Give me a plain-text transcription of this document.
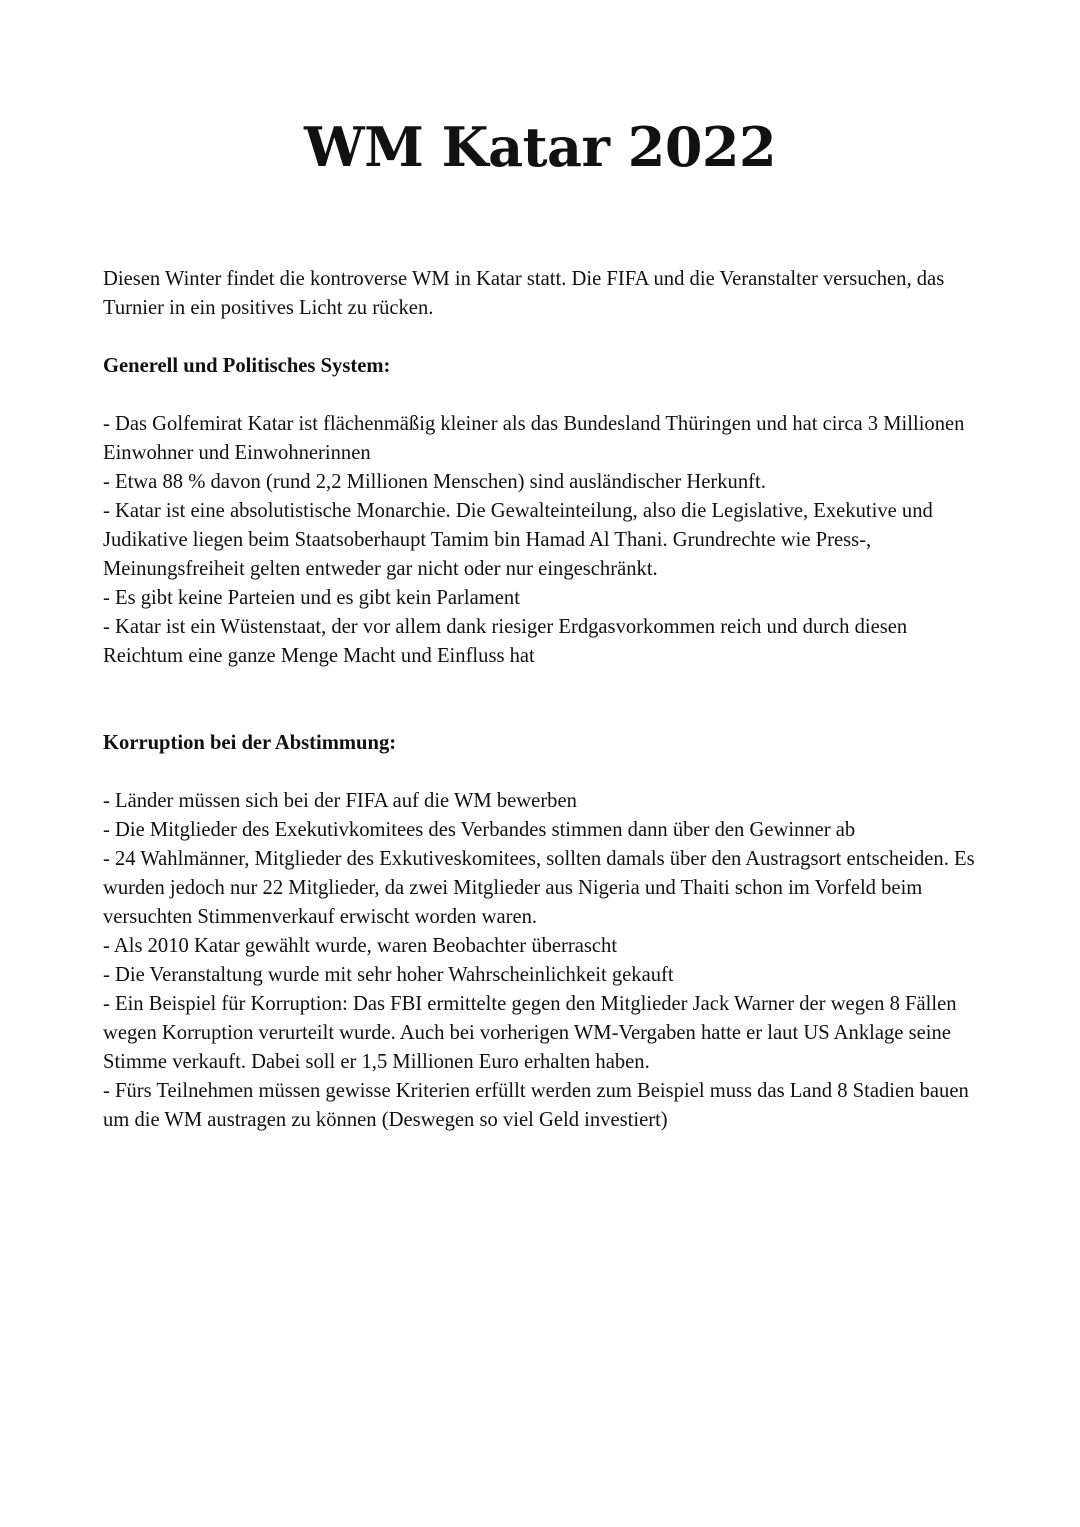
WM Katar 2022

Diesen Winter findet die kontroverse WM in Katar statt. Die FIFA und die Veranstalter versuchen, das Turnier in ein positives Licht zu rücken.

Generell und Politisches System:

- Das Golfemirat Katar ist flächenmäßig kleiner als das Bundesland Thüringen und hat circa 3 Millionen Einwohner und Einwohnerinnen
- Etwa 88 % davon (rund 2,2 Millionen Menschen) sind ausländischer Herkunft.
- Katar ist eine absolutistische Monarchie. Die Gewalteinteilung, also die Legislative, Exekutive und Judikative liegen beim Staatsoberhaupt Tamim bin Hamad Al Thani. Grundrechte wie Press-, Meinungsfreiheit gelten entweder gar nicht oder nur eingeschränkt.
- Es gibt keine Parteien und es gibt kein Parlament
- Katar ist ein Wüstenstaat, der vor allem dank riesiger Erdgasvorkommen reich und durch diesen Reichtum eine ganze Menge Macht und Einfluss hat

Korruption bei der Abstimmung:

- Länder müssen sich bei der FIFA auf die WM bewerben
- Die Mitglieder des Exekutivkomitees des Verbandes stimmen dann über den Gewinner ab
- 24 Wahlmänner, Mitglieder des Exkutiveskomitees, sollten damals über den Austragsort entscheiden. Es wurden jedoch nur 22 Mitglieder, da zwei Mitglieder aus Nigeria und Thaiti schon im Vorfeld beim versuchten Stimmenverkauf erwischt worden waren.
- Als 2010 Katar gewählt wurde, waren Beobachter überrascht
- Die Veranstaltung wurde mit sehr hoher Wahrscheinlichkeit gekauft
- Ein Beispiel für Korruption: Das FBI ermittelte gegen den Mitglieder Jack Warner der wegen 8 Fällen wegen Korruption verurteilt wurde. Auch bei vorherigen WM-Vergaben hatte er laut US Anklage seine Stimme verkauft. Dabei soll er 1,5 Millionen Euro erhalten haben.
- Fürs Teilnehmen müssen gewisse Kriterien erfüllt werden zum Beispiel muss das Land 8 Stadien bauen um die WM austragen zu können (Deswegen so viel Geld investiert)
